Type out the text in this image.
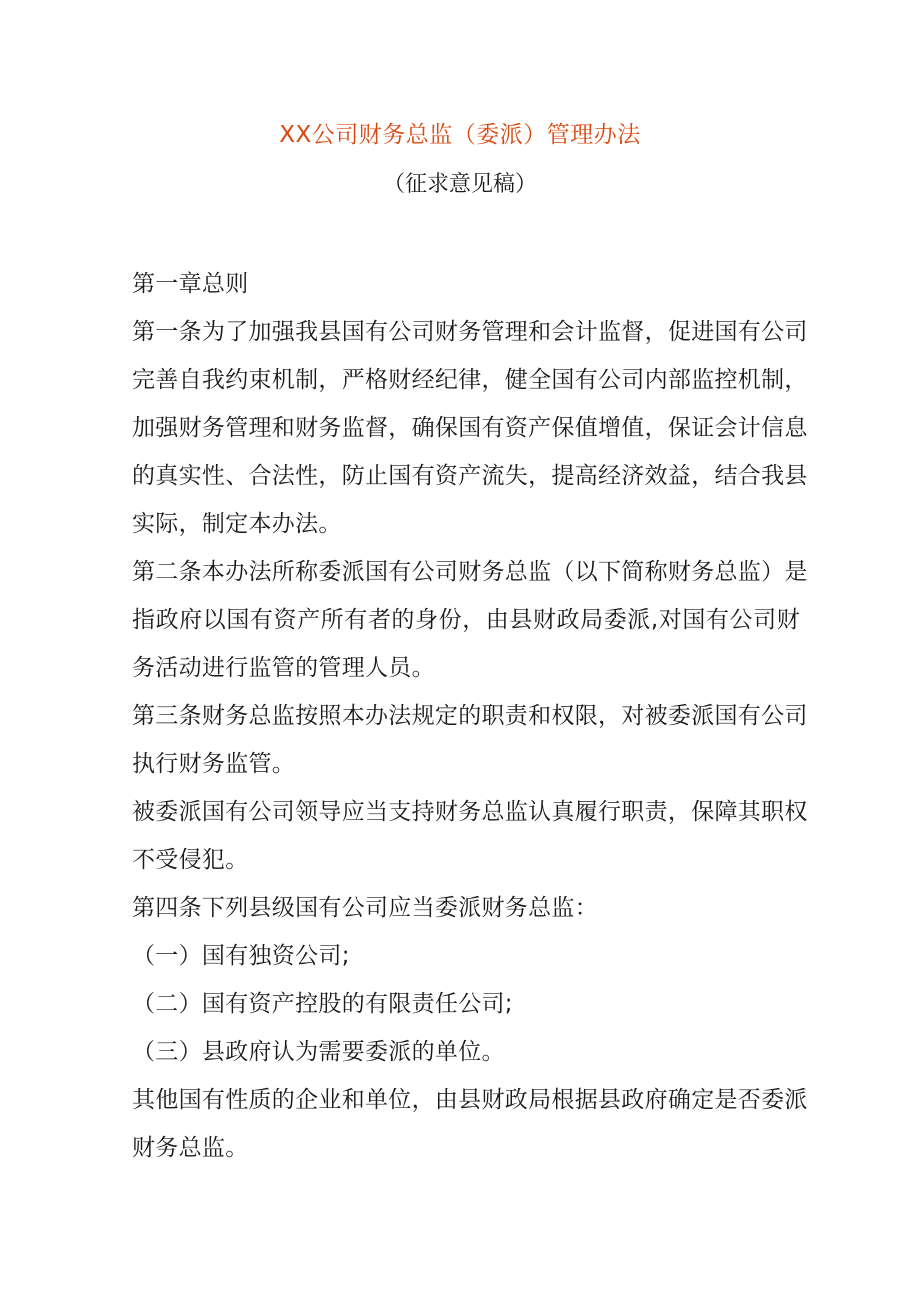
XX公司财务总监（委派）管理办法
（征求意见稿）
第一章总则
第一条为了加强我县国有公司财务管理和会计监督，促进国有公司
完善自我约束机制，严格财经纪律，健全国有公司内部监控机制，
加强财务管理和财务监督，确保国有资产保值增值，保证会计信息
的真实性、合法性，防止国有资产流失，提高经济效益，结合我县
实际，制定本办法。
第二条本办法所称委派国有公司财务总监（以下简称财务总监）是
指政府以国有资产所有者的身份，由县财政局委派,对国有公司财
务活动进行监管的管理人员。
第三条财务总监按照本办法规定的职责和权限，对被委派国有公司
执行财务监管。
被委派国有公司领导应当支持财务总监认真履行职责，保障其职权
不受侵犯。
第四条下列县级国有公司应当委派财务总监：
（一）国有独资公司;
（二）国有资产控股的有限责任公司;
（三）县政府认为需要委派的单位。
其他国有性质的企业和单位，由县财政局根据县政府确定是否委派
财务总监。
